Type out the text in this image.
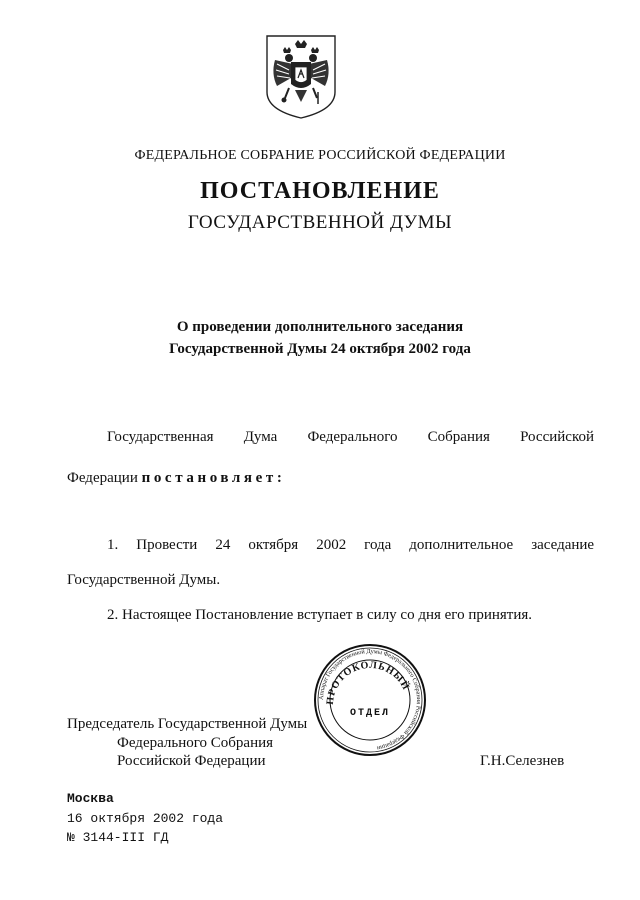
ФЕДЕРАЛЬНОЕ СОБРАНИЕ РОССИЙСКОЙ ФЕДЕРАЦИИ
ПОСТАНОВЛЕНИЕ
ГОСУДАРСТВЕННОЙ ДУМЫ
О проведении дополнительного заседания
Государственной Думы 24 октября 2002 года
Государственная Дума Федерального Собрания Российской
Федерации постановляет:
1. Провести 24 октября 2002 года дополнительное заседание
Государственной Думы.
2. Настоящее Постановление вступает в силу со дня его принятия.
Председатель Государственной Думы
Федерального Собрания
Российской Федерации	Г.Н.Селезнев
Аппарат Государственной Думы Федерального Собрания Российской Федерации
ПРОТОКОЛЬНЫЙ
ОТДЕЛ
Москва
16 октября 2002 года
№ 3144-III ГД
